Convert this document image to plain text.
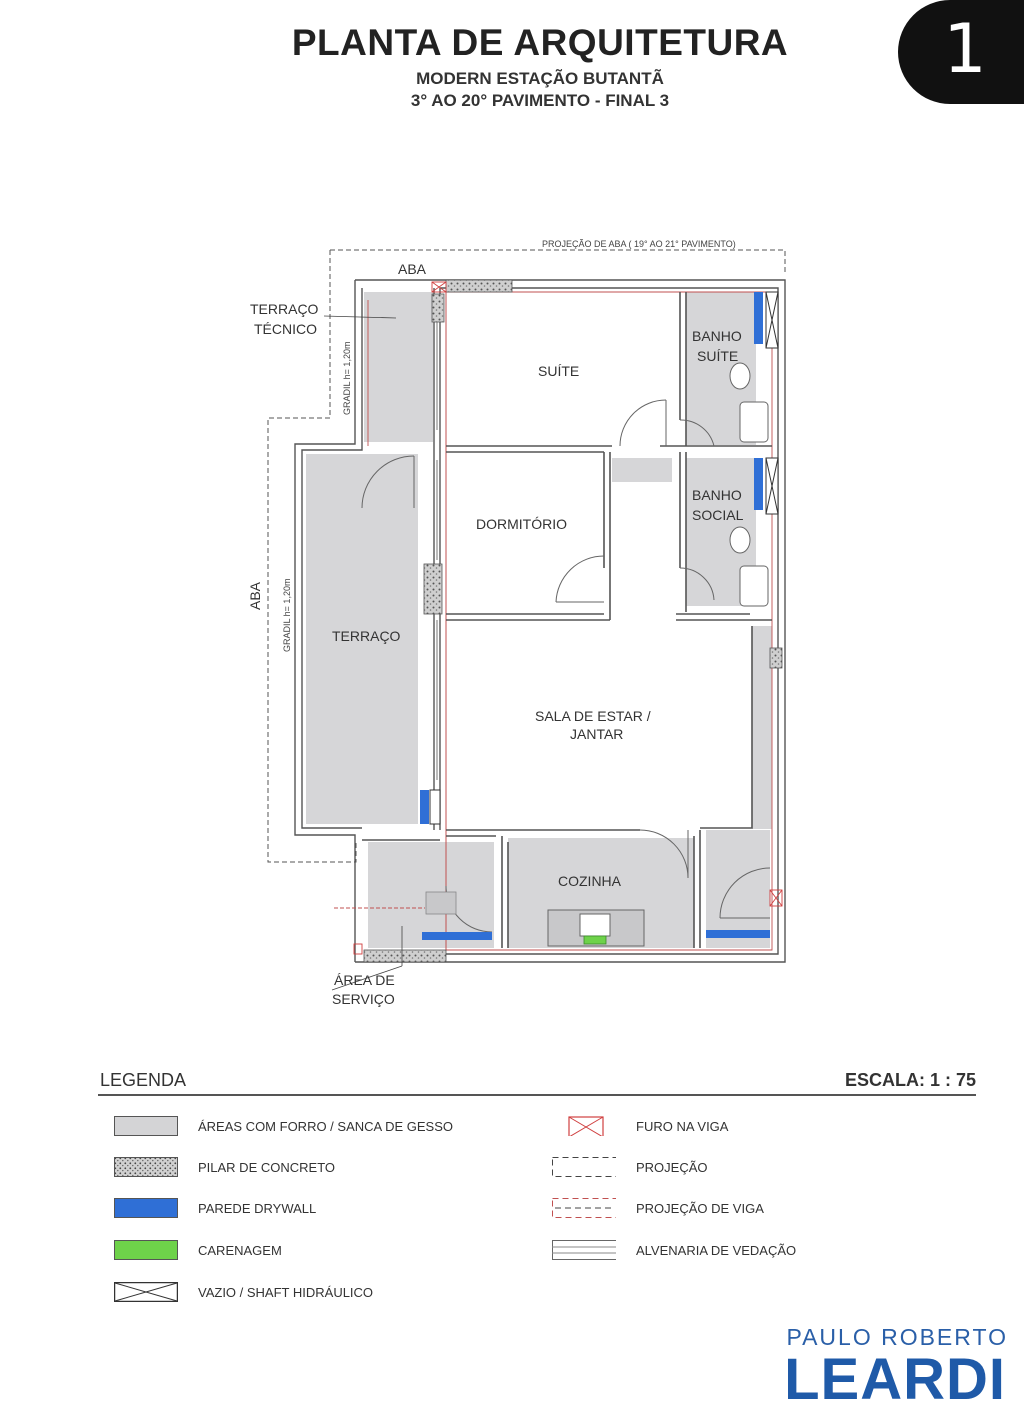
PLANTA DE ARQUITETURA
MODERN ESTAÇÃO BUTANTÃ
3° AO 20° PAVIMENTO - FINAL 3
1
PROJEÇÃO DE ABA ( 19° AO 21° PAVIMENTO)
ABA
ABA
GRADIL h= 1,20m
GRADIL h= 1,20m
TERRAÇO
TÉCNICO
SUÍTE
BANHO
SUÍTE
DORMITÓRIO
BANHO
SOCIAL
TERRAÇO
SALA DE ESTAR /
JANTAR
COZINHA
ÁREA DE
SERVIÇO
LEGENDA	ESCALA: 1 : 75
ÁREAS COM FORRO / SANCA DE GESSO
PILAR DE CONCRETO
PAREDE DRYWALL
CARENAGEM
VAZIO / SHAFT HIDRÁULICO
FURO NA VIGA
PROJEÇÃO
PROJEÇÃO DE VIGA
ALVENARIA DE VEDAÇÃO
PAULO ROBERTO
LEARDI
